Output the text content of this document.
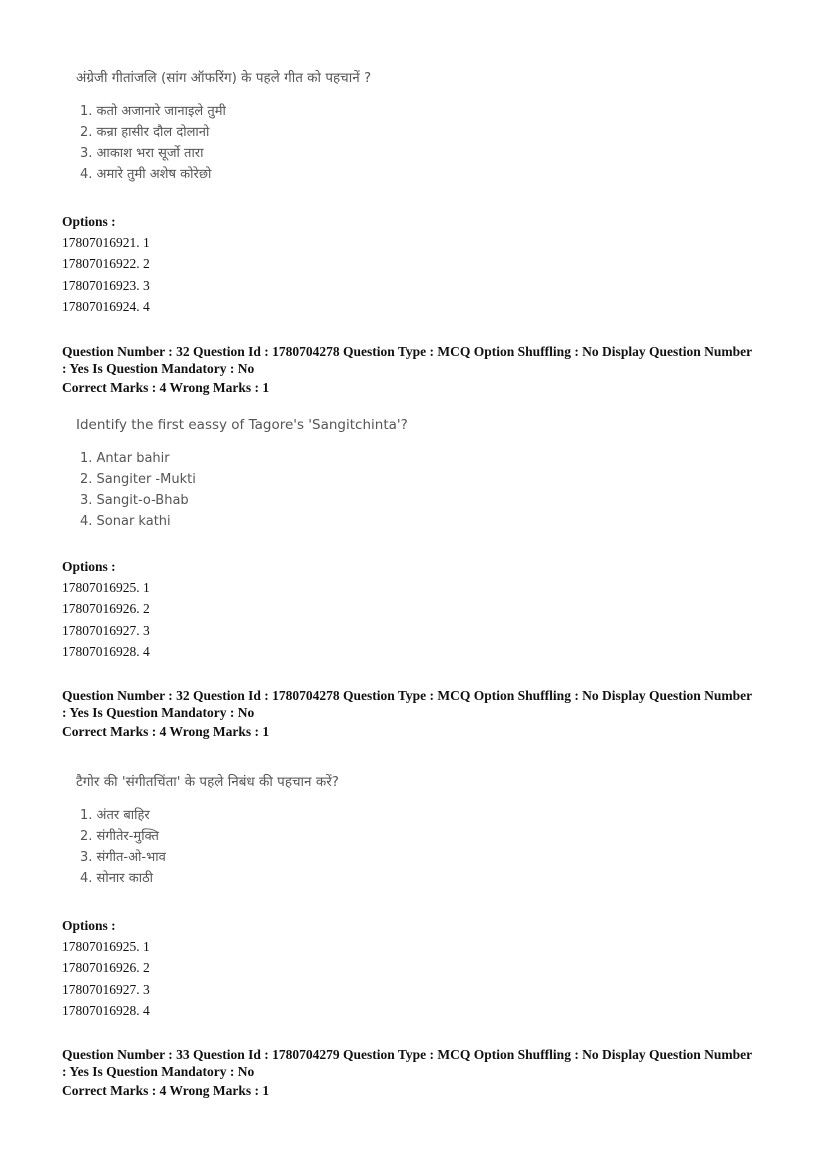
अंग्रेजी गीतांजलि (सांग ऑफरिंग) के पहले गीत को पहचानें ?

1. कतो अजानारे जानाइले तुमी

2. कन्रा हासीर दौल दोलानो

3. आकाश भरा सूर्जो तारा

4. अमारे तुमी अशेष कोरेछो

Options :

17807016921. 1

17807016922. 2

17807016923. 3

17807016924. 4

Question Number : 32 Question Id : 1780704278 Question Type : MCQ Option Shuffling : No Display Question Number : Yes Is Question Mandatory : No

Correct Marks : 4 Wrong Marks : 1

Identify the first eassy of Tagore's 'Sangitchinta'?

1. Antar bahir

2. Sangiter -Mukti

3. Sangit-o-Bhab

4. Sonar kathi

Options :

17807016925. 1

17807016926. 2

17807016927. 3

17807016928. 4

Question Number : 32 Question Id : 1780704278 Question Type : MCQ Option Shuffling : No Display Question Number : Yes Is Question Mandatory : No

Correct Marks : 4 Wrong Marks : 1

टैगोर की 'संगीतचिंता' के पहले निबंध की पहचान करें?

1. अंतर बाहिर

2. संगीतेर-मुक्ति

3. संगीत-ओ-भाव

4. सोनार काठी

Options :

17807016925. 1

17807016926. 2

17807016927. 3

17807016928. 4

Question Number : 33 Question Id : 1780704279 Question Type : MCQ Option Shuffling : No Display Question Number : Yes Is Question Mandatory : No

Correct Marks : 4 Wrong Marks : 1
